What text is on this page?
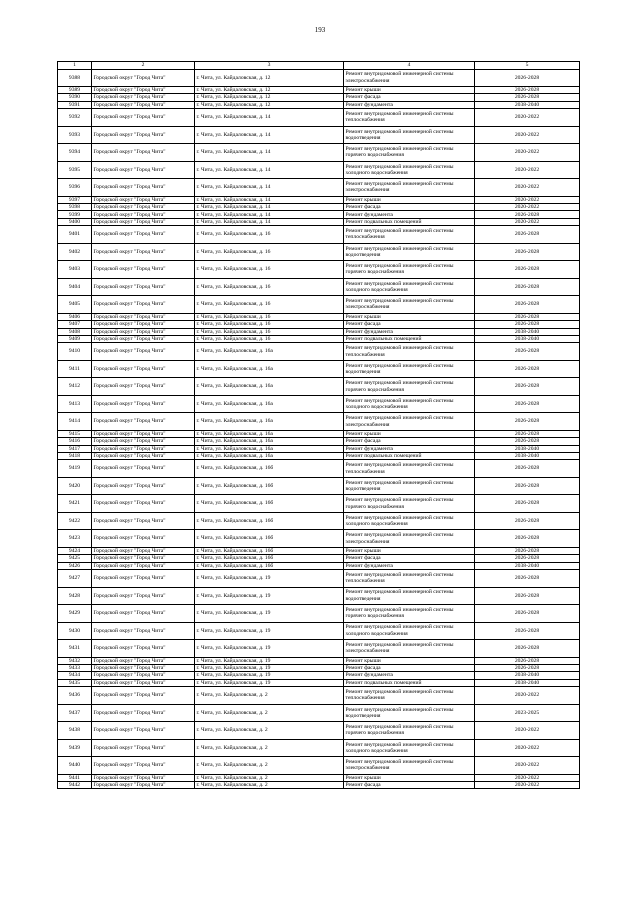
193
1	2	3	4	5
9388	Городской округ "Город Чита"	г. Чита, ул. Кайдаловская, д. 12	Ремонт внутридомовой инженерной системы электроснабжения	2026-2028
9389	Городской округ "Город Чита"	г. Чита, ул. Кайдаловская, д. 12	Ремонт крыши	2026-2028
9390	Городской округ "Город Чита"	г. Чита, ул. Кайдаловская, д. 12	Ремонт фасада	2026-2028
9391	Городской округ "Город Чита"	г. Чита, ул. Кайдаловская, д. 12	Ремонт фундамента	2038-2040
9392	Городской округ "Город Чита"	г. Чита, ул. Кайдаловская, д. 14	Ремонт внутридомовой инженерной системы теплоснабжения	2020-2022
9393	Городской округ "Город Чита"	г. Чита, ул. Кайдаловская, д. 14	Ремонт внутридомовой инженерной системы водоотведения	2020-2022
9394	Городской округ "Город Чита"	г. Чита, ул. Кайдаловская, д. 14	Ремонт внутридомовой инженерной системы горячего водоснабжения	2020-2022
9395	Городской округ "Город Чита"	г. Чита, ул. Кайдаловская, д. 14	Ремонт внутридомовой инженерной системы холодного водоснабжения	2020-2022
9396	Городской округ "Город Чита"	г. Чита, ул. Кайдаловская, д. 14	Ремонт внутридомовой инженерной системы электроснабжения	2020-2022
9397	Городской округ "Город Чита"	г. Чита, ул. Кайдаловская, д. 14	Ремонт крыши	2020-2022
9398	Городской округ "Город Чита"	г. Чита, ул. Кайдаловская, д. 14	Ремонт фасада	2020-2022
9399	Городской округ "Город Чита"	г. Чита, ул. Кайдаловская, д. 14	Ремонт фундамента	2026-2028
9400	Городской округ "Город Чита"	г. Чита, ул. Кайдаловская, д. 14	Ремонт подвальных помещений	2020-2022
9401	Городской округ "Город Чита"	г. Чита, ул. Кайдаловская, д. 16	Ремонт внутридомовой инженерной системы теплоснабжения	2026-2028
9402	Городской округ "Город Чита"	г. Чита, ул. Кайдаловская, д. 16	Ремонт внутридомовой инженерной системы водоотведения	2026-2028
9403	Городской округ "Город Чита"	г. Чита, ул. Кайдаловская, д. 16	Ремонт внутридомовой инженерной системы горячего водоснабжения	2026-2028
9404	Городской округ "Город Чита"	г. Чита, ул. Кайдаловская, д. 16	Ремонт внутридомовой инженерной системы холодного водоснабжения	2026-2028
9405	Городской округ "Город Чита"	г. Чита, ул. Кайдаловская, д. 16	Ремонт внутридомовой инженерной системы электроснабжения	2026-2028
9406	Городской округ "Город Чита"	г. Чита, ул. Кайдаловская, д. 16	Ремонт крыши	2026-2028
9407	Городской округ "Город Чита"	г. Чита, ул. Кайдаловская, д. 16	Ремонт фасада	2026-2028
9408	Городской округ "Город Чита"	г. Чита, ул. Кайдаловская, д. 16	Ремонт фундамента	2038-2040
9409	Городской округ "Город Чита"	г. Чита, ул. Кайдаловская, д. 16	Ремонт подвальных помещений	2038-2040
9410	Городской округ "Город Чита"	г. Чита, ул. Кайдаловская, д. 16а	Ремонт внутридомовой инженерной системы теплоснабжения	2026-2028
9411	Городской округ "Город Чита"	г. Чита, ул. Кайдаловская, д. 16а	Ремонт внутридомовой инженерной системы водоотведения	2026-2028
9412	Городской округ "Город Чита"	г. Чита, ул. Кайдаловская, д. 16а	Ремонт внутридомовой инженерной системы горячего водоснабжения	2026-2028
9413	Городской округ "Город Чита"	г. Чита, ул. Кайдаловская, д. 16а	Ремонт внутридомовой инженерной системы холодного водоснабжения	2026-2028
9414	Городской округ "Город Чита"	г. Чита, ул. Кайдаловская, д. 16а	Ремонт внутридомовой инженерной системы электроснабжения	2026-2028
9415	Городской округ "Город Чита"	г. Чита, ул. Кайдаловская, д. 16а	Ремонт крыши	2026-2028
9416	Городской округ "Город Чита"	г. Чита, ул. Кайдаловская, д. 16а	Ремонт фасада	2026-2028
9417	Городской округ "Город Чита"	г. Чита, ул. Кайдаловская, д. 16а	Ремонт фундамента	2038-2040
9418	Городской округ "Город Чита"	г. Чита, ул. Кайдаловская, д. 16а	Ремонт подвальных помещений	2038-2040
9419	Городской округ "Город Чита"	г. Чита, ул. Кайдаловская, д. 16б	Ремонт внутридомовой инженерной системы теплоснабжения	2026-2028
9420	Городской округ "Город Чита"	г. Чита, ул. Кайдаловская, д. 16б	Ремонт внутридомовой инженерной системы водоотведения	2026-2028
9421	Городской округ "Город Чита"	г. Чита, ул. Кайдаловская, д. 16б	Ремонт внутридомовой инженерной системы горячего водоснабжения	2026-2028
9422	Городской округ "Город Чита"	г. Чита, ул. Кайдаловская, д. 16б	Ремонт внутридомовой инженерной системы холодного водоснабжения	2026-2028
9423	Городской округ "Город Чита"	г. Чита, ул. Кайдаловская, д. 16б	Ремонт внутридомовой инженерной системы электроснабжения	2026-2028
9424	Городской округ "Город Чита"	г. Чита, ул. Кайдаловская, д. 16б	Ремонт крыши	2026-2028
9425	Городской округ "Город Чита"	г. Чита, ул. Кайдаловская, д. 16б	Ремонт фасада	2026-2028
9426	Городской округ "Город Чита"	г. Чита, ул. Кайдаловская, д. 16б	Ремонт фундамента	2038-2040
9427	Городской округ "Город Чита"	г. Чита, ул. Кайдаловская, д. 19	Ремонт внутридомовой инженерной системы теплоснабжения	2026-2028
9428	Городской округ "Город Чита"	г. Чита, ул. Кайдаловская, д. 19	Ремонт внутридомовой инженерной системы водоотведения	2026-2028
9429	Городской округ "Город Чита"	г. Чита, ул. Кайдаловская, д. 19	Ремонт внутридомовой инженерной системы горячего водоснабжения	2026-2028
9430	Городской округ "Город Чита"	г. Чита, ул. Кайдаловская, д. 19	Ремонт внутридомовой инженерной системы холодного водоснабжения	2026-2028
9431	Городской округ "Город Чита"	г. Чита, ул. Кайдаловская, д. 19	Ремонт внутридомовой инженерной системы электроснабжения	2026-2028
9432	Городской округ "Город Чита"	г. Чита, ул. Кайдаловская, д. 19	Ремонт крыши	2026-2028
9433	Городской округ "Город Чита"	г. Чита, ул. Кайдаловская, д. 19	Ремонт фасада	2026-2028
9434	Городской округ "Город Чита"	г. Чита, ул. Кайдаловская, д. 19	Ремонт фундамента	2038-2040
9435	Городской округ "Город Чита"	г. Чита, ул. Кайдаловская, д. 19	Ремонт подвальных помещений	2038-2040
9436	Городской округ "Город Чита"	г. Чита, ул. Кайдаловская, д. 2	Ремонт внутридомовой инженерной системы теплоснабжения	2020-2022
9437	Городской округ "Город Чита"	г. Чита, ул. Кайдаловская, д. 2	Ремонт внутридомовой инженерной системы водоотведения	2023-2025
9438	Городской округ "Город Чита"	г. Чита, ул. Кайдаловская, д. 2	Ремонт внутридомовой инженерной системы горячего водоснабжения	2020-2022
9439	Городской округ "Город Чита"	г. Чита, ул. Кайдаловская, д. 2	Ремонт внутридомовой инженерной системы холодного водоснабжения	2020-2022
9440	Городской округ "Город Чита"	г. Чита, ул. Кайдаловская, д. 2	Ремонт внутридомовой инженерной системы электроснабжения	2020-2022
9441	Городской округ "Город Чита"	г. Чита, ул. Кайдаловская, д. 2	Ремонт крыши	2020-2022
9442	Городской округ "Город Чита"	г. Чита, ул. Кайдаловская, д. 2	Ремонт фасада	2020-2022
